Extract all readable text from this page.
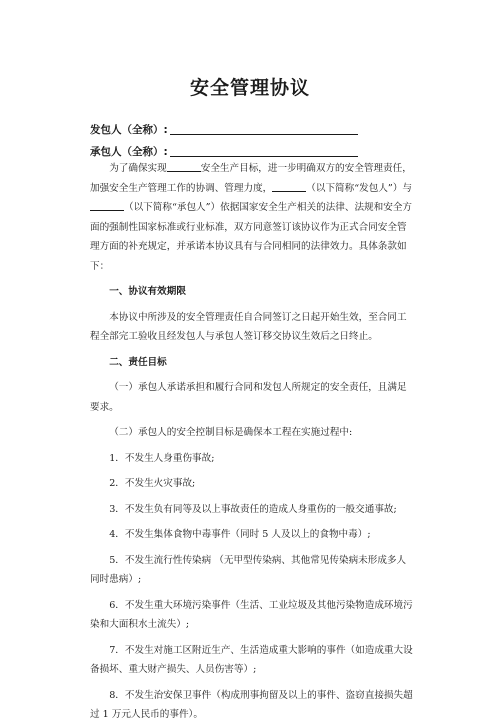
安全管理协议
发包人（全称）:
承包人（全称）:

为了确保实现	安全生产目标，进一步明确双方的安全管理责任，加强安全生产管理工作的协调、管理力度，	（以下简称“发包人”）与（以下简称“承包人”）依据国家安全生产相关的法律、法规和安全方面的强制性国家标准或行业标准，双方同意签订该协议作为正式合同安全管理方面的补充规定，并承诺本协议具有与合同相同的法律效力。具体条款如下：

一、协议有效期限

本协议中所涉及的安全管理责任自合同签订之日起开始生效，至合同工程全部完工验收且经发包人与承包人签订移交协议生效后之日终止。

二、责任目标

（一）承包人承诺承担和履行合同和发包人所规定的安全责任，且满足要求。

（二）承包人的安全控制目标是确保本工程在实施过程中:

1．不发生人身重伤事故;

2．不发生火灾事故;

3．不发生负有同等及以上事故责任的造成人身重伤的一般交通事故;

4．不发生集体食物中毒事件（同时 5 人及以上的食物中毒）;

5．不发生流行性传染病 （无甲型传染病、其他常见传染病未形成多人同时患病）;

6．不发生重大环境污染事件（生活、工业垃圾及其他污染物造成环境污染和大面积水土流失）;

7．不发生对施工区附近生产、生活造成重大影响的事件（如造成重大设备损坏、重大财产损失、人员伤害等）;

8．不发生治安保卫事件（构成刑事拘留及以上的事件、盗窃直接损失超过 1 万元人民币的事件）。
